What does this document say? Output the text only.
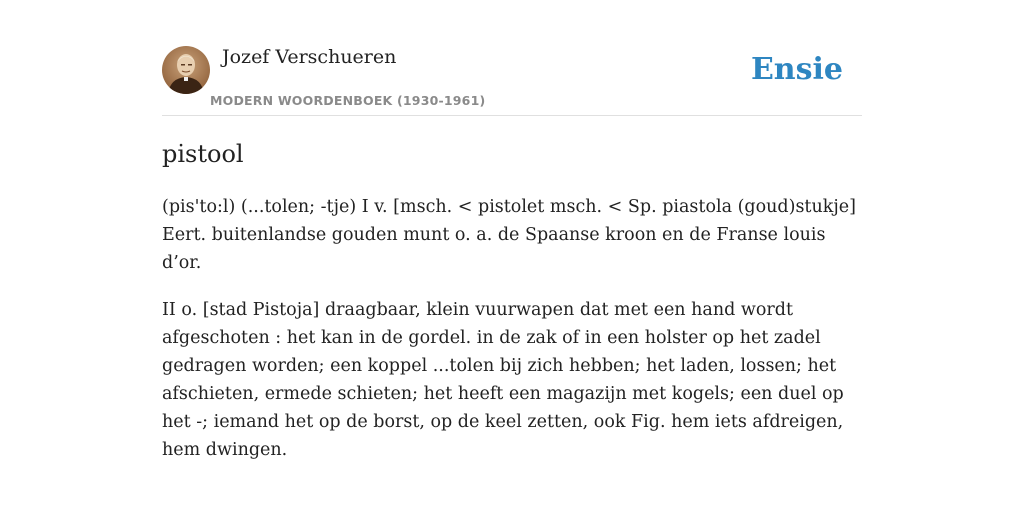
Jozef Verschueren
MODERN WOORDENBOEK (1930-1961)
Ensie
pistool

(pis'to:l) (...tolen; -tje) I v. [msch. < pistolet msch. < Sp. piastola (goud)stukje] Eert. buitenlandse gouden munt o. a. de Spaanse kroon en de Franse louis d’or.

II o. [stad Pistoja] draagbaar, klein vuurwapen dat met een hand wordt afgeschoten : het kan in de gordel. in de zak of in een holster op het zadel gedragen worden; een koppel ...tolen bij zich hebben; het laden, lossen; het afschieten, ermede schieten; het heeft een magazijn met kogels; een duel op het -; iemand het op de borst, op de keel zetten, ook Fig. hem iets afdreigen, hem dwingen.
